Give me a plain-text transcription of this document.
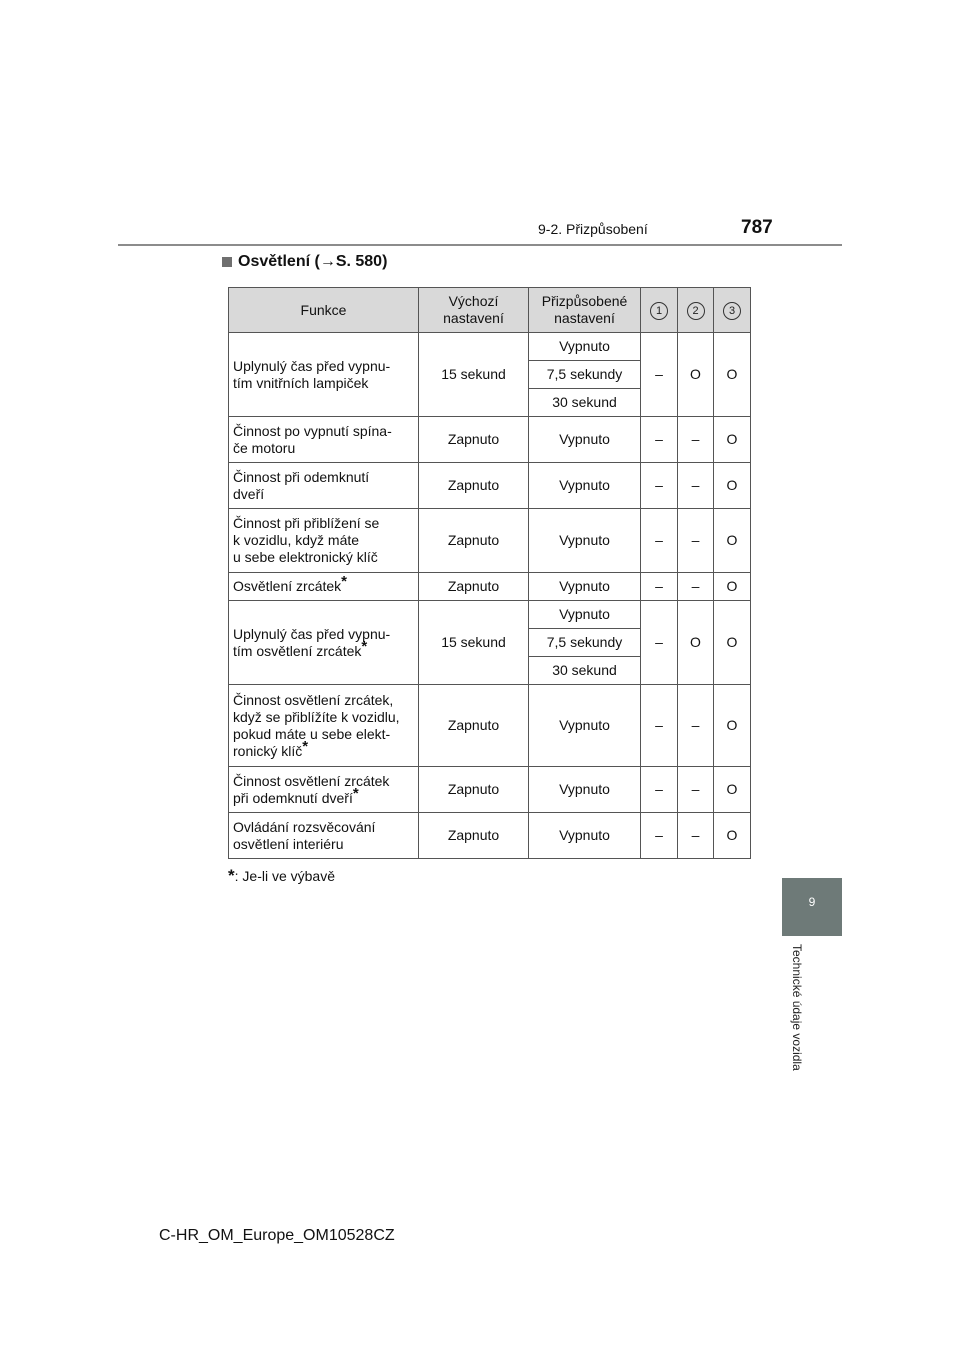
9-2. Přizpůsobení	787
9
Technické údaje vozidla
Osvětlení ( → S. 580)
Funkce	Výchozí nastavení	Přizpůsobené nastavení	1	2	3
Uplynulý čas před vypnu-
tím vnitřních lampiček	15 sekund	Vypnuto	–	O	O
		7,5 sekundy			
		30 sekund			
Činnost po vypnutí spína-
če motoru	Zapnuto	Vypnuto	–	–	O
Činnost při odemknutí
dveří	Zapnuto	Vypnuto	–	–	O
Činnost při přiblížení se
k vozidlu, když máte
u sebe elektronický klíč	Zapnuto	Vypnuto	–	–	O
Osvětlení zrcátek*	Zapnuto	Vypnuto	–	–	O
Uplynulý čas před vypnu-
tím osvětlení zrcátek*	15 sekund	Vypnuto	–	O	O
		7,5 sekundy			
		30 sekund			
Činnost osvětlení zrcátek,
když se přiblížíte k vozidlu,
pokud máte u sebe elekt-
ronický klíč*	Zapnuto	Vypnuto	–	–	O
Činnost osvětlení zrcátek
při odemknutí dveří*	Zapnuto	Vypnuto	–	–	O
Ovládání rozsvěcování
osvětlení interiéru	Zapnuto	Vypnuto	–	–	O
*: Je-li ve výbavě
C-HR_OM_Europe_OM10528CZ
